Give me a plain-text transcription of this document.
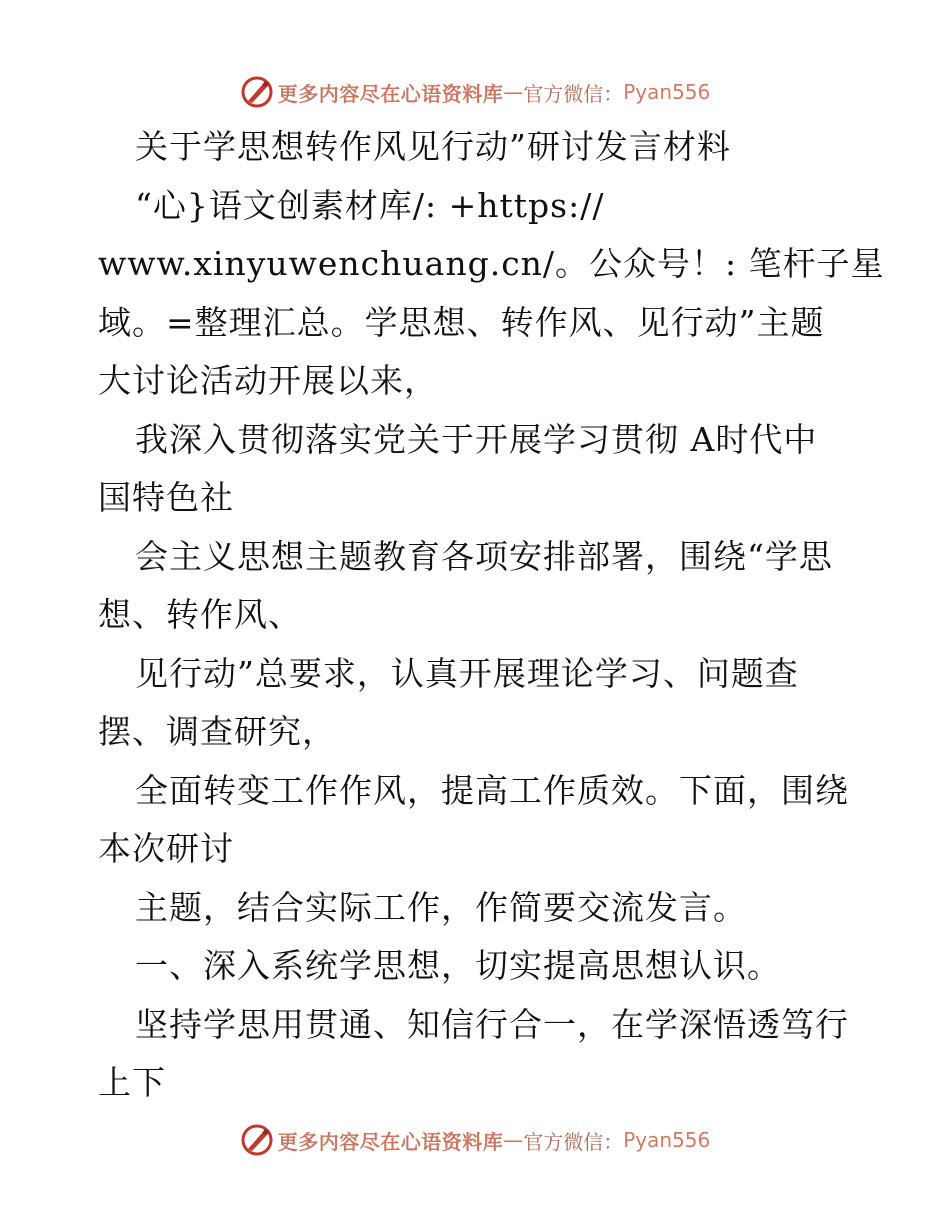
更多内容尽在心语资料库 — 官方微信： Pyan556
关于学思想转作风见行动”研讨发言材料
“心}语文创素材库/: +https://
www.xinyuwenchuang.cn/。公众号！: 笔杆子星
域。=整理汇总。学思想、转作风、见行动”主题
大讨论活动开展以来，
我深入贯彻落实党关于开展学习贯彻 A时代中
国特色社
会主义思想主题教育各项安排部署，围绕“学思
想、转作风、
见行动”总要求，认真开展理论学习、问题查
摆、调查研究，
全面转变工作作风，提高工作质效。下面，围绕
本次研讨
主题，结合实际工作，作简要交流发言。
一、深入系统学思想，切实提高思想认识。
坚持学思用贯通、知信行合一，在学深悟透笃行
上下
更多内容尽在心语资料库 — 官方微信： Pyan556
